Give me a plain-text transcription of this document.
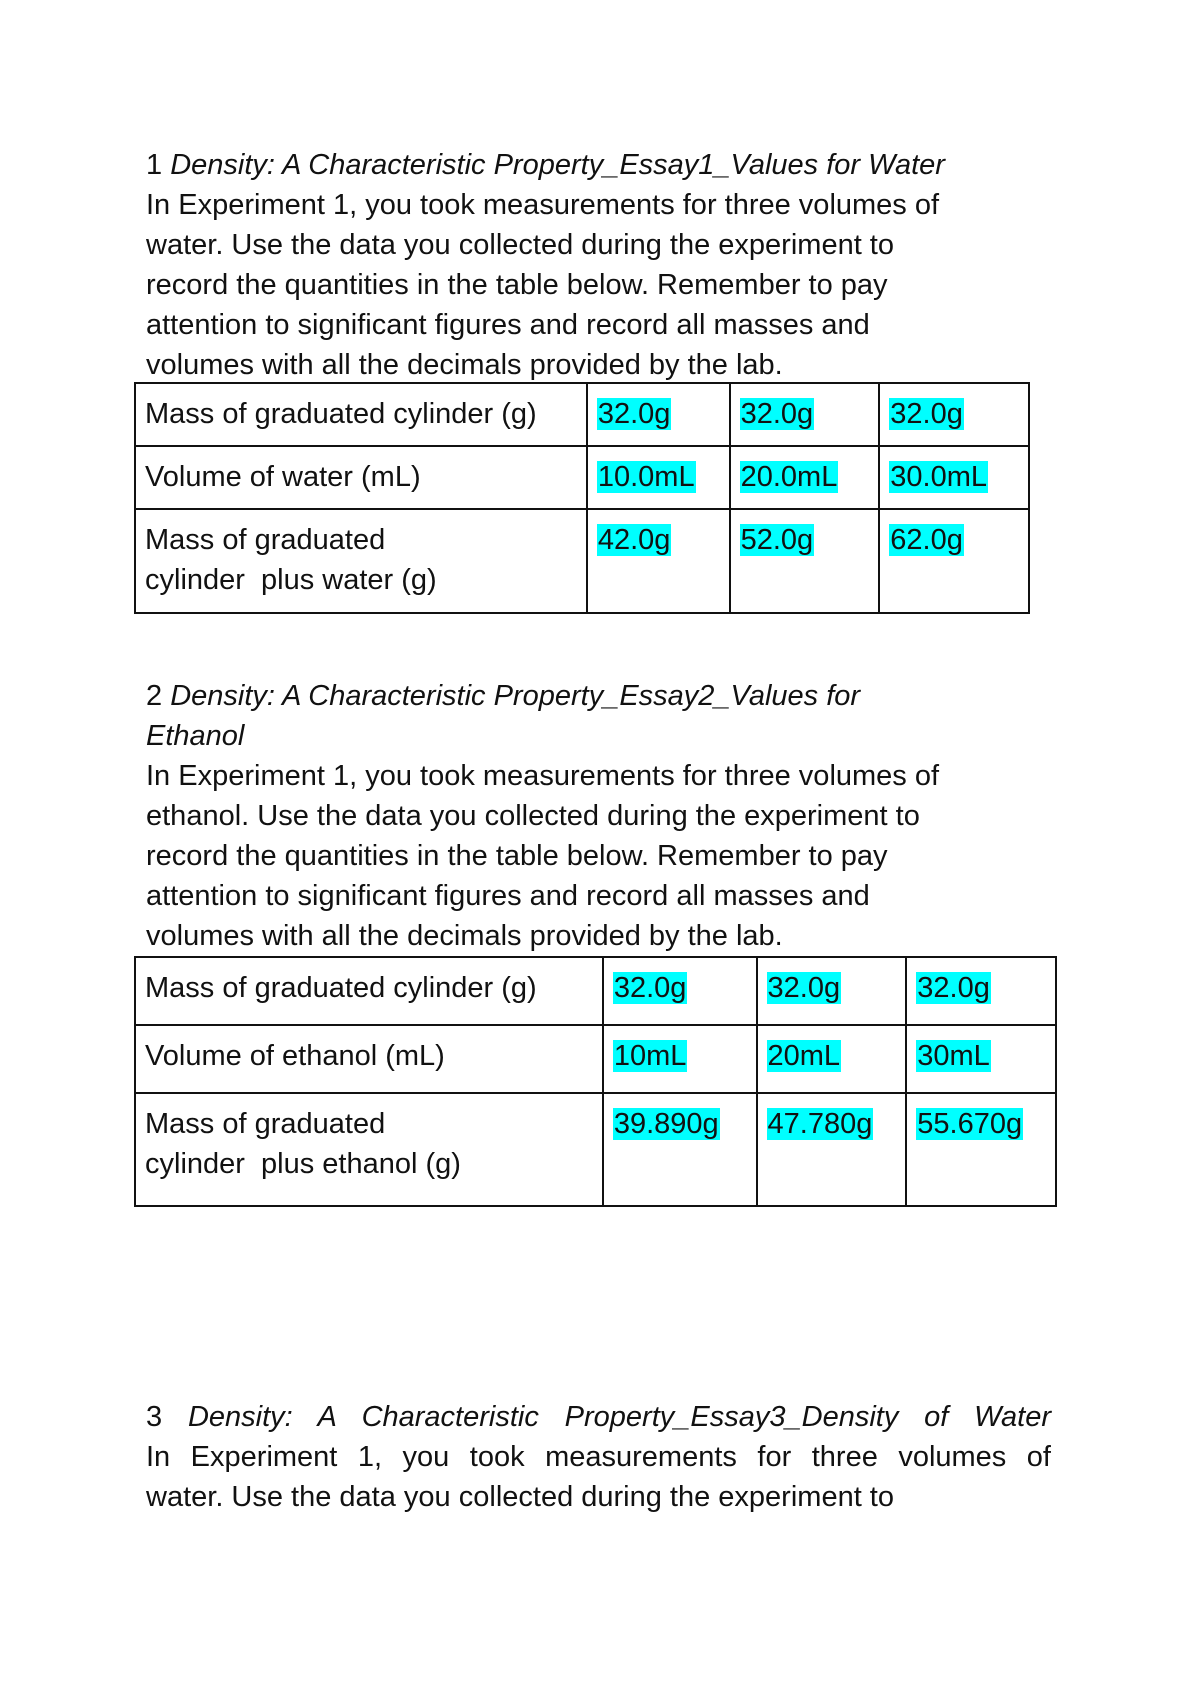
1 Density: A Characteristic Property_Essay1_Values for Water

In Experiment 1, you took measurements for three volumes of
water. Use the data you collected during the experiment to
record the quantities in the table below. Remember to pay
attention to significant figures and record all masses and
volumes with all the decimals provided by the lab.

Mass of graduated cylinder (g)	32.0g	32.0g	32.0g
Volume of water (mL)	10.0mL	20.0mL	30.0mL
Mass of graduated
cylinder  plus water (g)	42.0g	52.0g	62.0g

2 Density: A Characteristic Property_Essay2_Values for
Ethanol

In Experiment 1, you took measurements for three volumes of
ethanol. Use the data you collected during the experiment to
record the quantities in the table below. Remember to pay
attention to significant figures and record all masses and
volumes with all the decimals provided by the lab.

Mass of graduated cylinder (g)	32.0g	32.0g	32.0g
Volume of ethanol (mL)	10mL	20mL	30mL
Mass of graduated
cylinder  plus ethanol (g)	39.890g	47.780g	55.670g

3 Density: A Characteristic Property_Essay3_Density of Water

In Experiment 1, you took measurements for three volumes of
water. Use the data you collected during the experiment to
